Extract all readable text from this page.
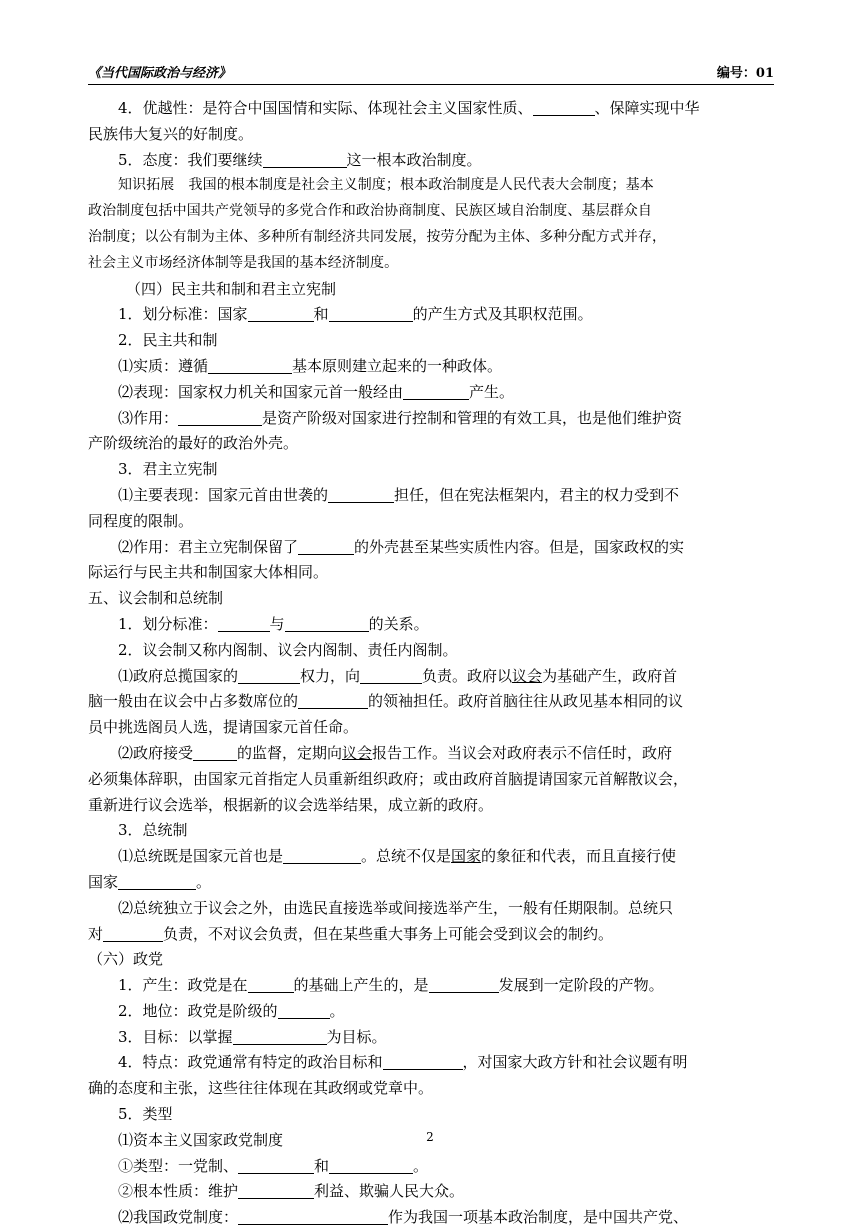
《当代国际政治与经济》	编号：01
4．优越性：是符合中国国情和实际、体现社会主义国家性质、	、保障实现中华
民族伟大复兴的好制度。
5．态度：我们要继续	这一根本政治制度。
知识拓展　我国的根本制度是社会主义制度；根本政治制度是人民代表大会制度；基本
政治制度包括中国共产党领导的多党合作和政治协商制度、民族区域自治制度、基层群众自
治制度；以公有制为主体、多种所有制经济共同发展，按劳分配为主体、多种分配方式并存，
社会主义市场经济体制等是我国的基本经济制度。
（四）民主共和制和君主立宪制
1．划分标准：国家	和	的产生方式及其职权范围。
2．民主共和制
⑴实质：遵循	基本原则建立起来的一种政体。
⑵表现：国家权力机关和国家元首一般经由	产生。
⑶作用：	是资产阶级对国家进行控制和管理的有效工具，也是他们维护资
产阶级统治的最好的政治外壳。
3．君主立宪制
⑴主要表现：国家元首由世袭的	担任，但在宪法框架内，君主的权力受到不
同程度的限制。
⑵作用：君主立宪制保留了	的外壳甚至某些实质性内容。但是，国家政权的实
际运行与民主共和制国家大体相同。
五、议会制和总统制
1．划分标准：	与	的关系。
2．议会制又称内阁制、议会内阁制、责任内阁制。
⑴政府总揽国家的	权力，向	负责。政府以议会为基础产生，政府首
脑一般由在议会中占多数席位的	的领袖担任。政府首脑往往从政见基本相同的议
员中挑选阁员人选，提请国家元首任命。
⑵政府接受	的监督，定期向议会报告工作。当议会对政府表示不信任时，政府
必须集体辞职，由国家元首指定人员重新组织政府；或由政府首脑提请国家元首解散议会，
重新进行议会选举，根据新的议会选举结果，成立新的政府。
3．总统制
⑴总统既是国家元首也是	。总统不仅是国家的象征和代表，而且直接行使
国家	。
⑵总统独立于议会之外，由选民直接选举或间接选举产生，一般有任期限制。总统只
对	负责，不对议会负责，但在某些重大事务上可能会受到议会的制约。
（六）政党
1．产生：政党是在	的基础上产生的，是	发展到一定阶段的产物。
2．地位：政党是阶级的	。
3．目标：以掌握	为目标。
4．特点：政党通常有特定的政治目标和	，对国家大政方针和社会议题有明
确的态度和主张，这些往往体现在其政纲或党章中。
5．类型
⑴资本主义国家政党制度
①类型：一党制、	和	。
②根本性质：维护	利益、欺骗人民大众。
⑵我国政党制度：	作为我国一项基本政治制度，是中国共产党、
2
